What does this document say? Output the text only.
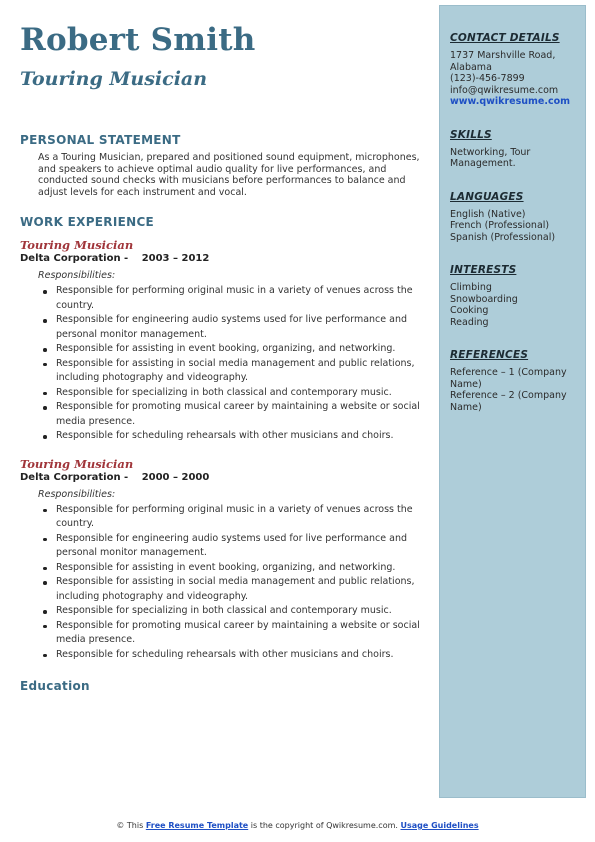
Robert Smith
Touring Musician
PERSONAL STATEMENT

As a Touring Musician, prepared and positioned sound equipment, microphones, and speakers to achieve optimal audio quality for live performances, and conducted sound checks with musicians before performances to balance and adjust levels for each instrument and vocal.

WORK EXPERIENCE
Touring Musician
Delta Corporation - 2003 – 2012
Responsibilities:
Responsible for performing original music in a variety of venues across the country.
Responsible for engineering audio systems used for live performance and personal monitor management.
Responsible for assisting in event booking, organizing, and networking.
Responsible for assisting in social media management and public relations, including photography and videography.
Responsible for specializing in both classical and contemporary music.
Responsible for promoting musical career by maintaining a website or social media presence.
Responsible for scheduling rehearsals with other musicians and choirs.
Touring Musician
Delta Corporation - 2000 – 2000
Responsibilities:
Responsible for performing original music in a variety of venues across the country.
Responsible for engineering audio systems used for live performance and personal monitor management.
Responsible for assisting in event booking, organizing, and networking.
Responsible for assisting in social media management and public relations, including photography and videography.
Responsible for specializing in both classical and contemporary music.
Responsible for promoting musical career by maintaining a website or social media presence.
Responsible for scheduling rehearsals with other musicians and choirs.
Education
CONTACT DETAILS
1737 Marshville Road,
Alabama
(123)-456-7899
info@qwikresume.com
www.qwikresume.com
SKILLS
Networking, Tour Management.
LANGUAGES
English (Native)
French (Professional)
Spanish (Professional)
INTERESTS
Climbing
Snowboarding
Cooking
Reading
REFERENCES
Reference – 1 (Company Name)
Reference – 2 (Company Name)
© This Free Resume Template is the copyright of Qwikresume.com. Usage Guidelines
